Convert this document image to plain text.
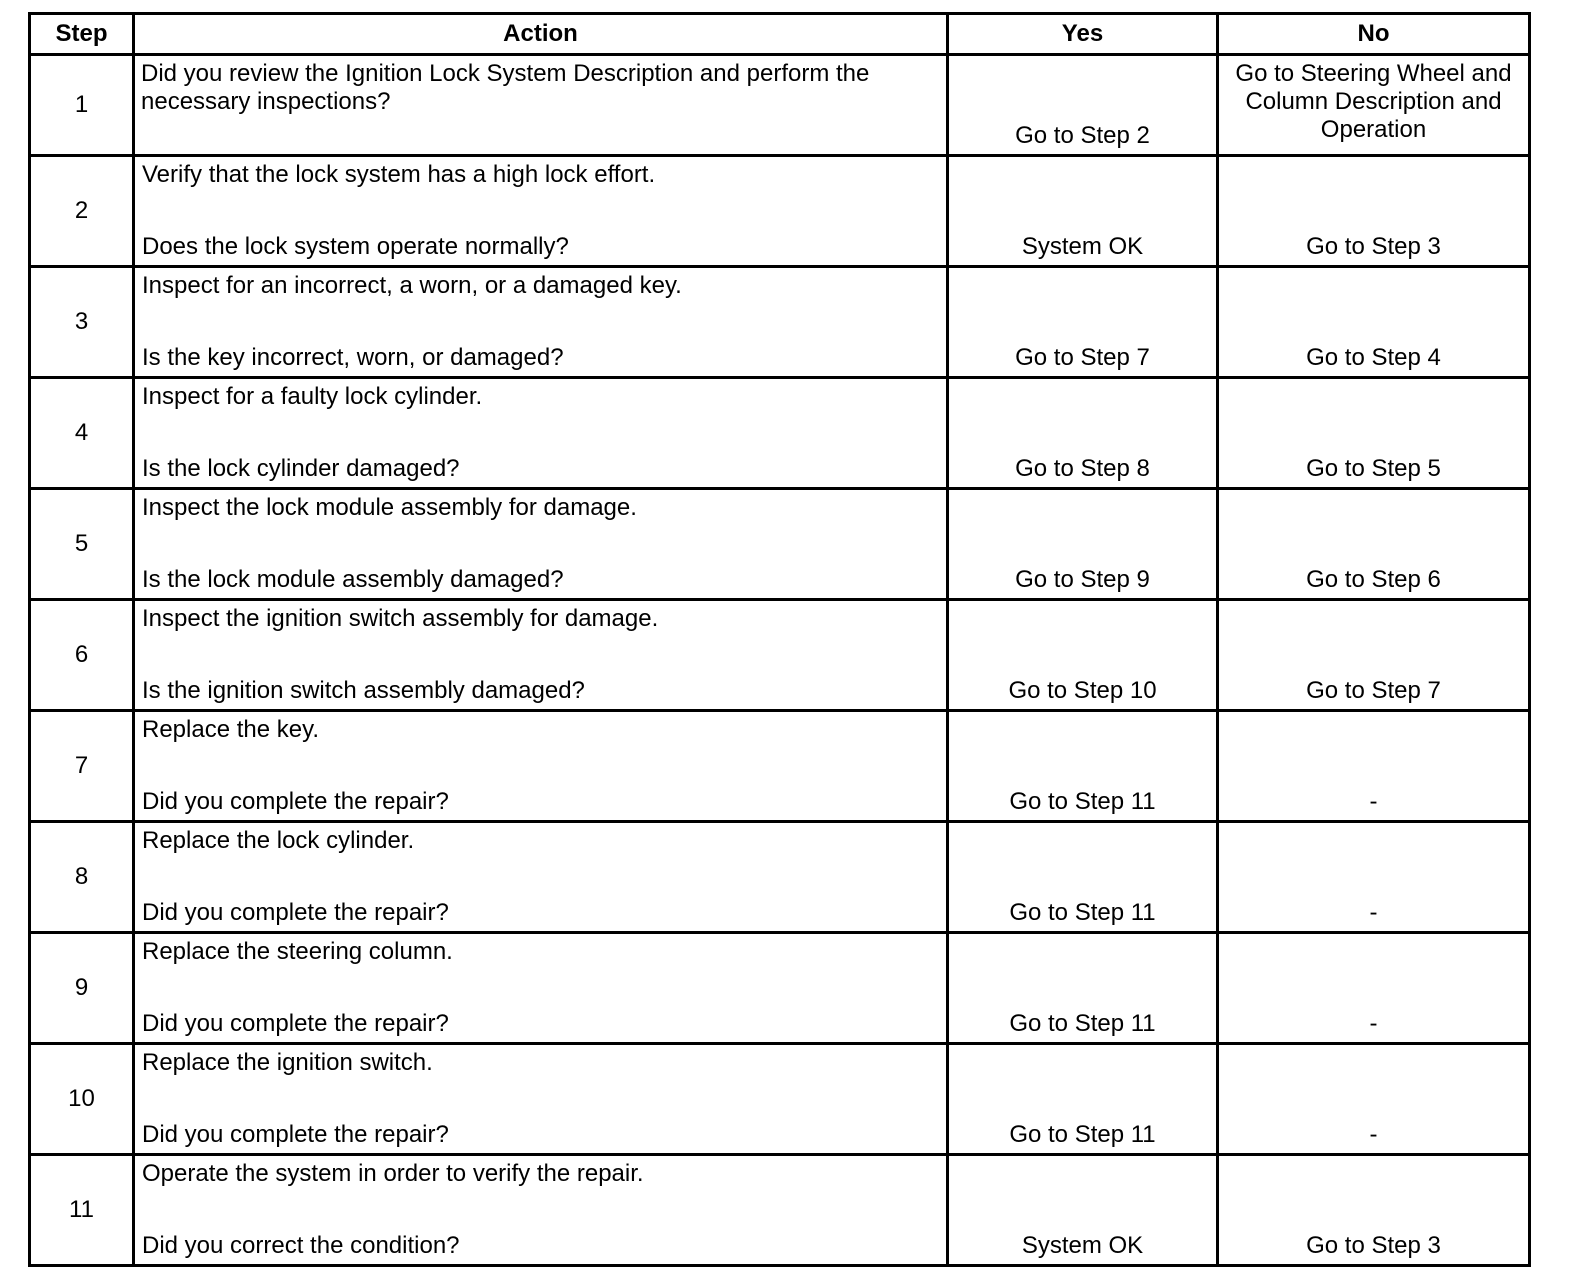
Step	Action	Yes	No
1	Did you review the Ignition Lock System Description and perform the necessary inspections?	Go to Step 2	Go to Steering Wheel and Column Description and Operation
2	Verify that the lock system has a high lock effort.
Does the lock system operate normally?	System OK	Go to Step 3
3	Inspect for an incorrect, a worn, or a damaged key.
Is the key incorrect, worn, or damaged?	Go to Step 7	Go to Step 4
4	Inspect for a faulty lock cylinder.
Is the lock cylinder damaged?	Go to Step 8	Go to Step 5
5	Inspect the lock module assembly for damage.
Is the lock module assembly damaged?	Go to Step 9	Go to Step 6
6	Inspect the ignition switch assembly for damage.
Is the ignition switch assembly damaged?	Go to Step 10	Go to Step 7
7	Replace the key.
Did you complete the repair?	Go to Step 11	-
8	Replace the lock cylinder.
Did you complete the repair?	Go to Step 11	-
9	Replace the steering column.
Did you complete the repair?	Go to Step 11	-
10	Replace the ignition switch.
Did you complete the repair?	Go to Step 11	-
11	Operate the system in order to verify the repair.
Did you correct the condition?	System OK	Go to Step 3
